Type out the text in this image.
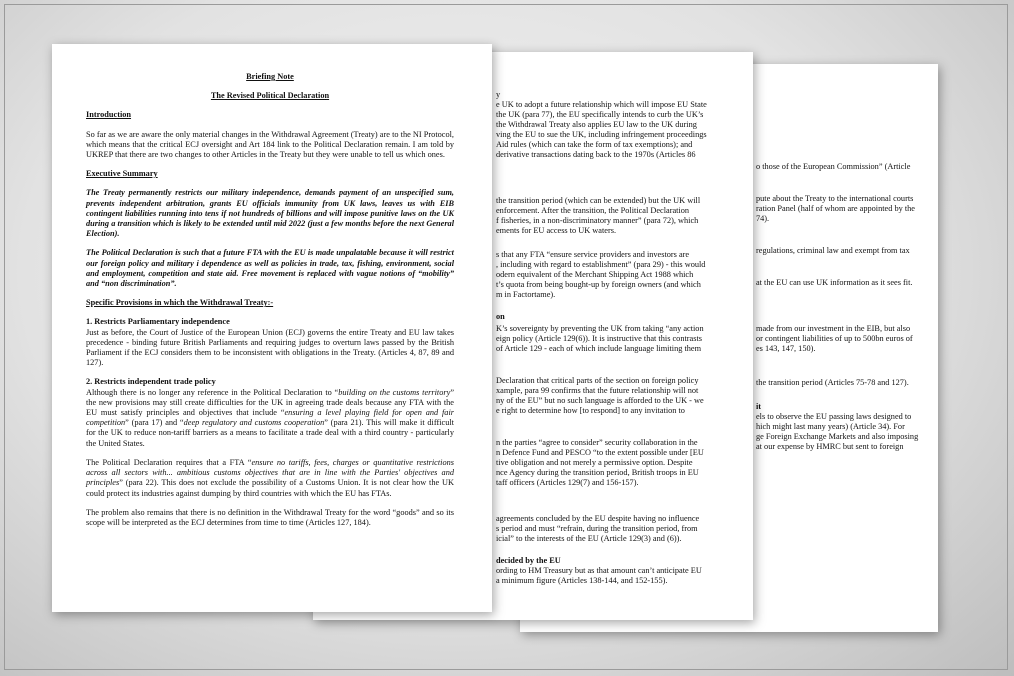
o those of the European Commission” (Article

pute about the Treaty to the international courts

ration Panel (half of whom are appointed by the

74).

regulations, criminal law and exempt from tax

at the EU can use UK information as it sees fit.

made from our investment in the EIB, but also

or contingent liabilities of up to 500bn euros of

es 143, 147, 150).

the transition period (Articles 75-78 and 127).

it

els to observe the EU passing laws designed to

hich might last many years) (Article 34). For

ge Foreign Exchange Markets and also imposing

at our expense by HMRC but sent to foreign

y

e UK to adopt a future relationship which will impose EU State

the UK (para 77), the EU specifically intends to curb the UK’s

the Withdrawal Treaty also applies EU law to the UK during

ving the EU to sue the UK, including infringement proceedings

Aid rules (which can take the form of tax exemptions); and

derivative transactions dating back to the 1970s (Articles 86

the transition period (which can be extended) but the UK will

enforcement. After the transition, the Political Declaration

f fisheries, in a non-discriminatory manner” (para 72), which

ements for EU access to UK waters.

s that any FTA “ensure service providers and investors are

, including with regard to establishment” (para 29) - this would

odern equivalent of the Merchant Shipping Act 1988 which

t’s quota from being bought-up by foreign owners (and which

m in Factortame).

on

K’s sovereignty by preventing the UK from taking “any action

eign policy (Article 129(6)). It is instructive that this contrasts

of Article 129 - each of which include language limiting them

Declaration that critical parts of the section on foreign policy

xample, para 99 confirms that the future relationship will not

ny of the EU” but no such language is afforded to the UK - we

e right to determine how [to respond] to any invitation to

n the parties “agree to consider” security collaboration in the

n Defence Fund and PESCO “to the extent possible under [EU

tive obligation and not merely a permissive option. Despite

nce Agency during the transition period, British troops in EU

taff officers (Articles 129(7) and 156-157).

agreements concluded by the EU despite having no influence

s period and must “refrain, during the transition period, from

icial” to the interests of the EU (Article 129(3) and (6)).

decided by the EU

ording to HM Treasury but as that amount can’t anticipate EU

a minimum figure (Articles 138-144, and 152-155).

Briefing Note

The Revised Political Declaration

Introduction

So far as we are aware the only material changes in the Withdrawal Agreement (Treaty) are to the NI Protocol, which means that the critical ECJ oversight and Art 184 link to the Political Declaration remain. I am told by UKREP that there are two changes to other Articles in the Treaty but they were unable to tell us which ones.

Executive Summary

The Treaty permanently restricts our military independence, demands payment of an unspecified sum, prevents independent arbitration, grants EU officials immunity from UK laws, leaves us with EIB contingent liabilities running into tens if not hundreds of billions and will impose punitive laws on the UK during a transition which is likely to be extended until mid 2022 (just a few months before the next General Election).

The Political Declaration is such that a future FTA with the EU is made unpalatable because it will restrict our foreign policy and military i dependence as well as policies in trade, tax, fishing, environment, social and employment, competition and state aid. Free movement is replaced with vague notions of “mobility” and “non discrimination”.

Specific Provisions in which the Withdrawal Treaty:-

1. Restricts Parliamentary independence

Just as before, the Court of Justice of the European Union (ECJ) governs the entire Treaty and EU law takes precedence - binding future British Parliaments and requiring judges to overturn laws passed by the British Parliament if the ECJ considers them to be inconsistent with obligations in the Treaty. (Articles 4, 87, 89 and 127).

2. Restricts independent trade policy

Although there is no longer any reference in the Political Declaration to “building on the customs territory” the new provisions may still create difficulties for the UK in agreeing trade deals because any FTA with the EU must satisfy principles and objectives that include “ensuring a level playing field for open and fair competition” (para 17) and “deep regulatory and customs cooperation” (para 21). This will make it difficult for the UK to reduce non-tariff barriers as a means to facilitate a trade deal with a third country - particularly the United States.

The Political Declaration requires that a FTA “ensure no tariffs, fees, charges or quantitative restrictions across all sectors with... ambitious customs objectives that are in line with the Parties' objectives and principles” (para 22). This does not exclude the possibility of a Customs Union. It is not clear how the UK could protect its industries against dumping by third countries with which the EU has FTAs.

The problem also remains that there is no definition in the Withdrawal Treaty for the word “goods” and so its scope will be interpreted as the ECJ determines from time to time (Articles 127, 184).
